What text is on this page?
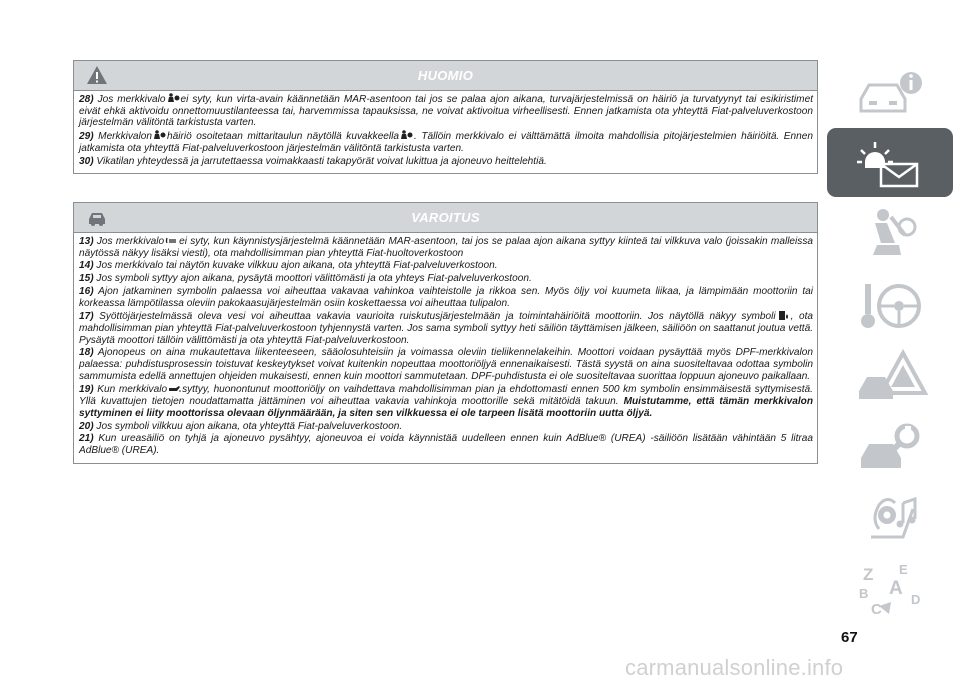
HUOMIO

28) Jos merkkivalo ei syty, kun virta-avain käännetään MAR-asentoon tai jos se palaa ajon aikana, turvajärjestelmissä on häiriö ja turvatyynyt tai esikiristimet eivät ehkä aktivoidu onnettomuustilanteessa tai, harvemmissa tapauksissa, ne voivat aktivoitua virheellisesti. Ennen jatkamista ota yhteyttä Fiat-palveluverkostoon järjestelmän välitöntä tarkistusta varten.

29) Merkkivalon häiriö osoitetaan mittaritaulun näytöllä kuvakkeella . Tällöin merkkivalo ei välttämättä ilmoita mahdollisia pitojärjestelmien häiriöitä. Ennen jatkamista ota yhteyttä Fiat-palveluverkostoon järjestelmän välitöntä tarkistusta varten.

30) Vikatilan yhteydessä ja jarrutettaessa voimakkaasti takapyörät voivat lukittua ja ajoneuvo heittelehtiä.

VAROITUS

13) Jos merkkivalo ei syty, kun käynnistysjärjestelmä käännetään MAR-asentoon, tai jos se palaa ajon aikana syttyy kiinteä tai vilkkuva valo (joissakin malleissa näytössä näkyy lisäksi viesti), ota mahdollisimman pian yhteyttä Fiat-huoltoverkostoon

14) Jos merkkivalo tai näytön kuvake vilkkuu ajon aikana, ota yhteyttä Fiat-palveluverkostoon.

15) Jos symboli syttyy ajon aikana, pysäytä moottori välittömästi ja ota yhteys Fiat-palveluverkostoon.

16) Ajon jatkaminen symbolin palaessa voi aiheuttaa vakavaa vahinkoa vaihteistolle ja rikkoa sen. Myös öljy voi kuumeta liikaa, ja lämpimään moottoriin tai korkeassa lämpötilassa oleviin pakokaasujärjestelmän osiin koskettaessa voi aiheuttaa tulipalon.

17) Syöttöjärjestelmässä oleva vesi voi aiheuttaa vakavia vaurioita ruiskutusjärjestelmään ja toimintahäiriöitä moottoriin. Jos näytöllä näkyy symboli , ota mahdollisimman pian yhteyttä Fiat-palveluverkostoon tyhjennystä varten. Jos sama symboli syttyy heti säiliön täyttämisen jälkeen, säiliöön on saattanut joutua vettä. Pysäytä moottori tällöin välittömästi ja ota yhteyttä Fiat-palveluverkostoon.

18) Ajonopeus on aina mukautettava liikenteeseen, sääolosuhteisiin ja voimassa oleviin tieliikennelakeihin. Moottori voidaan pysäyttää myös DPF-merkkivalon palaessa: puhdistusprosessin toistuvat keskeytykset voivat kuitenkin nopeuttaa moottoriöljyä ennenaikaisesti. Tästä syystä on aina suositeltavaa odottaa symbolin sammumista edellä annettujen ohjeiden mukaisesti, ennen kuin moottori sammutetaan. DPF-puhdistusta ei ole suositeltavaa suorittaa loppuun ajoneuvo paikallaan.

19) Kun merkkivalo syttyy, huonontunut moottoriöljy on vaihdettava mahdollisimman pian ja ehdottomasti ennen 500 km symbolin ensimmäisestä syttymisestä. Yllä kuvattujen tietojen noudattamatta jättäminen voi aiheuttaa vakavia vahinkoja moottorille sekä mitätöidä takuun. Muistutamme, että tämän merkkivalon syttyminen ei liity moottorissa olevaan öljynmäärään, ja siten sen vilkkuessa ei ole tarpeen lisätä moottoriin uutta öljyä.

20) Jos symboli vilkkuu ajon aikana, ota yhteyttä Fiat-palveluverkostoon.

21) Kun ureasäiliö on tyhjä ja ajoneuvo pysähtyy, ajoneuvoa ei voida käynnistää uudelleen ennen kuin AdBlue® (UREA) -säiliöön lisätään vähintään 5 litraa AdBlue® (UREA).

Z E
B A
C
D
67
carmanualsonline.info
